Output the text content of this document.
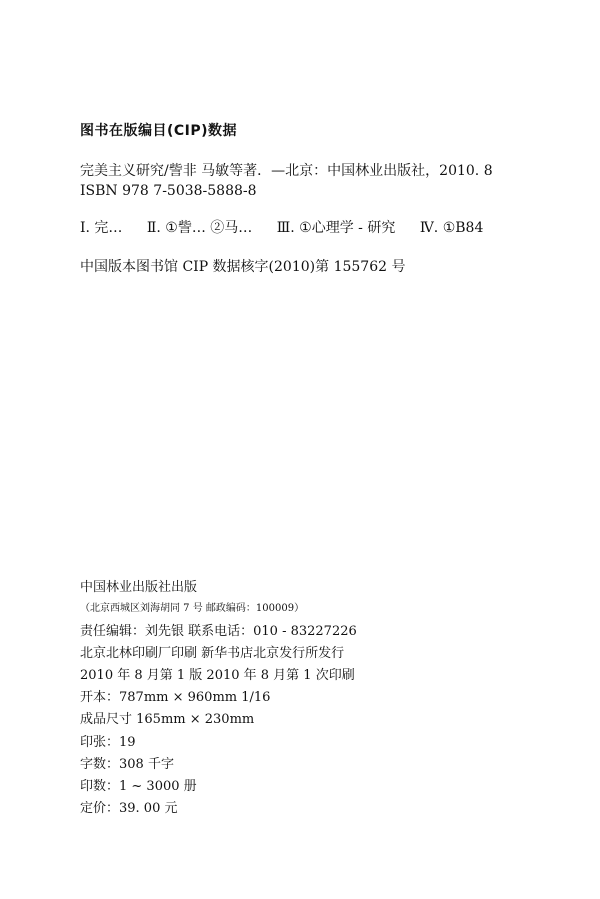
图书在版编目(CIP)数据
完美主义研究/訾非 马敏等著．—北京：中国林业出版社，2010. 8
ISBN 978 7-5038-5888-8
Ⅰ. 完… Ⅱ. ①訾… ②马… Ⅲ. ①心理学 - 研究 Ⅳ. ①B84
中国版本图书馆 CIP 数据核字(2010)第 155762 号
中国林业出版社出版
（北京西城区刘海胡同 7 号 邮政编码：100009）
责任编辑：刘先银 联系电话：010 - 83227226
北京北林印刷厂印刷 新华书店北京发行所发行
2010 年 8 月第 1 版 2010 年 8 月第 1 次印刷
开本：787mm × 960mm 1/16
成品尺寸 165mm × 230mm
印张：19
字数：308 千字
印数：1 ~ 3000 册
定价：39. 00 元
